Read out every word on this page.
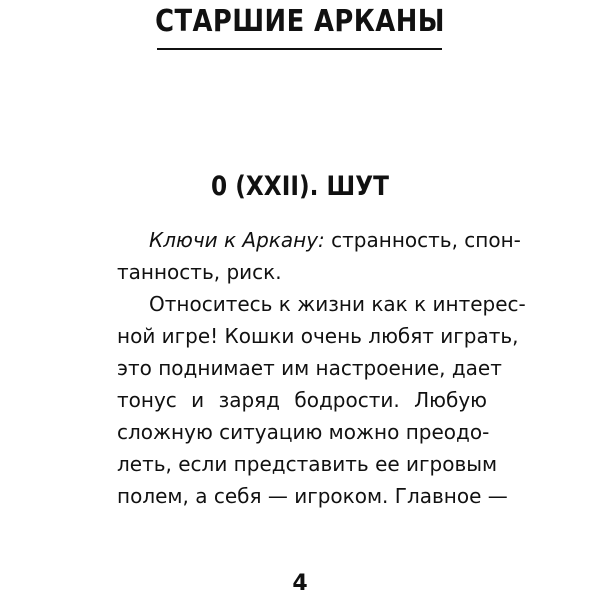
СТАРШИЕ АРКАНЫ
0 (XXII). ШУТ
Ключи к Аркану: странность, спон-
танность, риск.
Относитесь к жизни как к интерес-
ной игре! Кошки очень любят играть,
это поднимает им настроение, дает
тонус и заряд бодрости. Любую
сложную ситуацию можно преодо-
леть, если представить ее игровым
полем, а себя — игроком. Главное —
4
